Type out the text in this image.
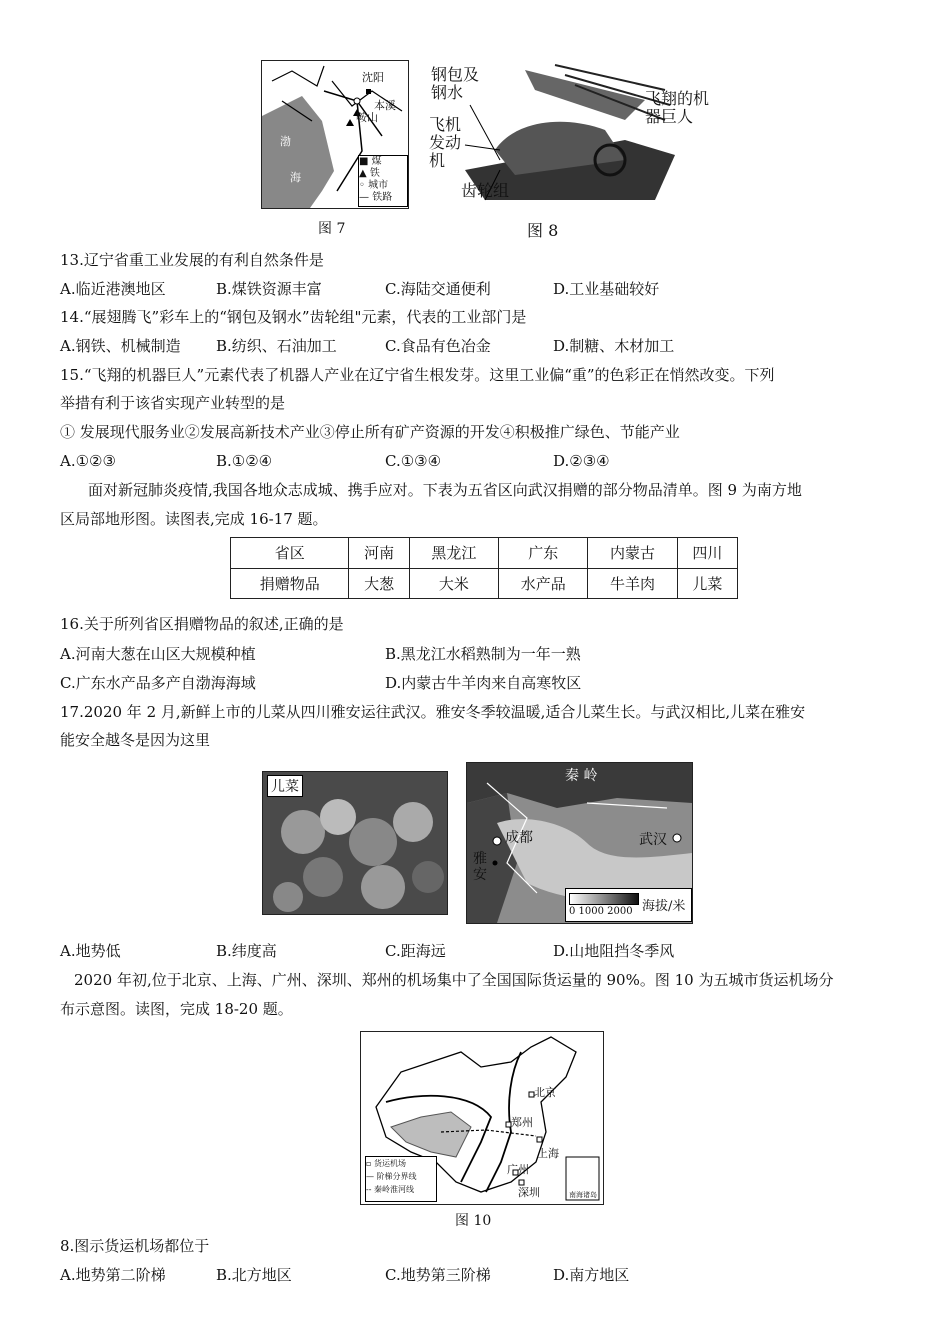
沈阳
本溪
鞍山
渤
海
■ 煤
▲ 铁
◦ 城市
— 铁路
图 7
钢包及钢水
飞机发动机
飞翔的机器巨人
齿轮组
图 8
13.辽宁省重工业发展的有利自然条件是
A.临近港澳地区	B.煤铁资源丰富	C.海陆交通便利	D.工业基础较好
14.“展翅腾飞”彩车上的“钢包及钢水”齿轮组"元素，代表的工业部门是
A.钢铁、机械制造 B.纺织、石油加工	C.食品有色冶金	D.制糖、木材加工
15.“飞翔的机器巨人”元素代表了机器人产业在辽宁省生根发芽。这里工业偏“重”的色彩正在悄然改变。下列
举措有利于该省实现产业转型的是
① 发展现代服务业②发展高新技术产业③停止所有矿产资源的开发④积极推广绿色、节能产业
A.①②③	B.①②④	C.①③④	D.②③④
面对新冠肺炎疫情,我国各地众志成城、携手应对。下表为五省区向武汉捐赠的部分物品清单。图 9 为南方地
区局部地形图。读图表,完成 16-17 题。
省区	河南	黑龙江	广东	内蒙古	四川
捐赠物品	大葱	大米	水产品	牛羊肉	儿菜
16.关于所列省区捐赠物品的叙述,正确的是
A.河南大葱在山区大规模种植	B.黑龙江水稻熟制为一年一熟
C.广东水产品多产自渤海海域	D.内蒙古牛羊肉来自高寒牧区
17.2020 年 2 月,新鲜上市的儿菜从四川雅安运往武汉。雅安冬季较温暖,适合儿菜生长。与武汉相比,儿菜在雅安
能安全越冬是因为这里
儿菜
秦 岭
成都	武汉
雅安
0 1000 2000 海拔/米
A.地势低	B.纬度高	C.距海远	D.山地阻挡冬季风
2020 年初,位于北京、上海、广州、深圳、郑州的机场集中了全国国际货运量的 90%。图 10 为五城市货运机场分
布示意图。读图，完成 18-20 题。
北京
郑州
上海
广州
深圳	南海诸岛
▫ 货运机场
— 阶梯分界线
‐‐ 秦岭淮河线
图 10
8.图示货运机场都位于
A.地势第二阶梯	B.北方地区	C.地势第三阶梯	D.南方地区
